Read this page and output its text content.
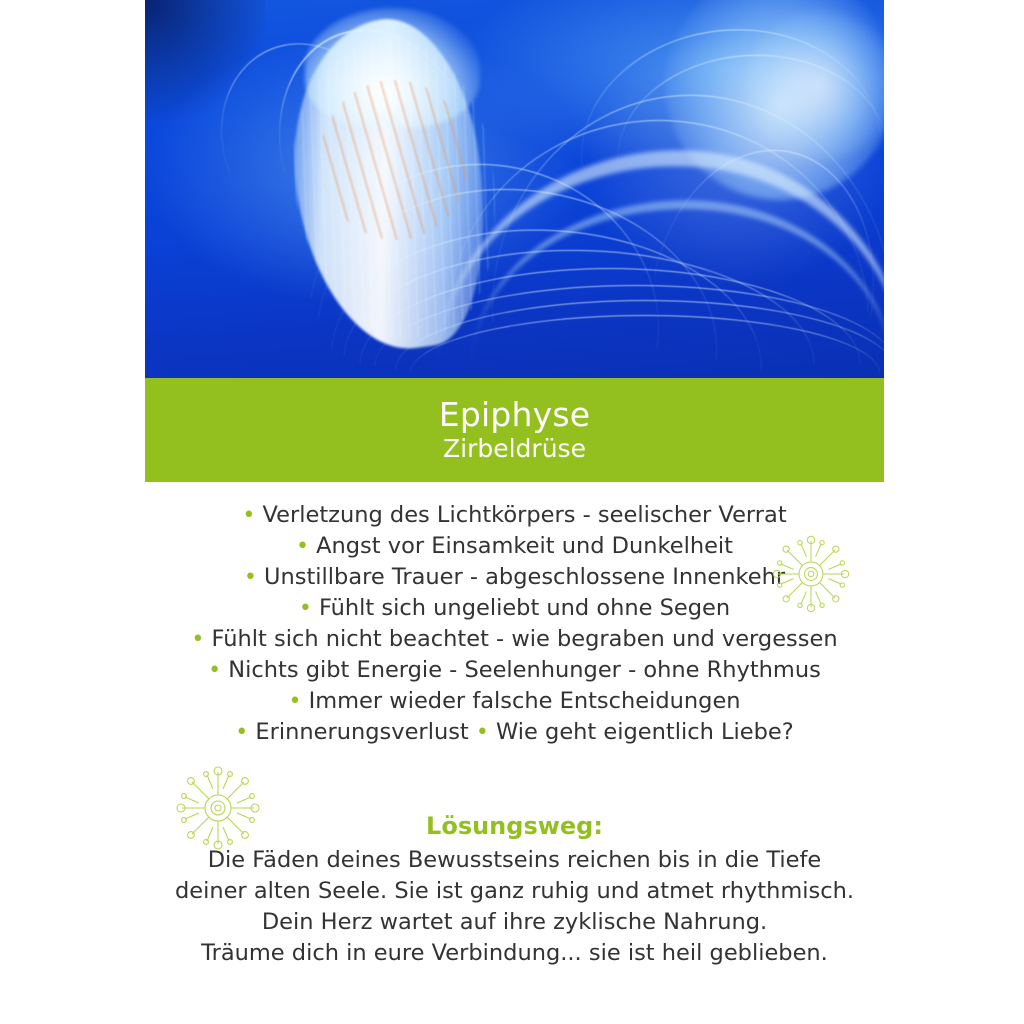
Epiphyse
Zirbeldrüse
• Verletzung des Lichtkörpers - seelischer Verrat
• Angst vor Einsamkeit und Dunkelheit
• Unstillbare Trauer - abgeschlossene Innenkehr
• Fühlt sich ungeliebt und ohne Segen
• Fühlt sich nicht beachtet - wie begraben und vergessen
• Nichts gibt Energie - Seelenhunger - ohne Rhythmus
• Immer wieder falsche Entscheidungen
• Erinnerungsverlust • Wie geht eigentlich Liebe?
Lösungsweg:
Die Fäden deines Bewusstseins reichen bis in die Tiefe
deiner alten Seele. Sie ist ganz ruhig und atmet rhythmisch.
Dein Herz wartet auf ihre zyklische Nahrung.
Träume dich in eure Verbindung... sie ist heil geblieben.
